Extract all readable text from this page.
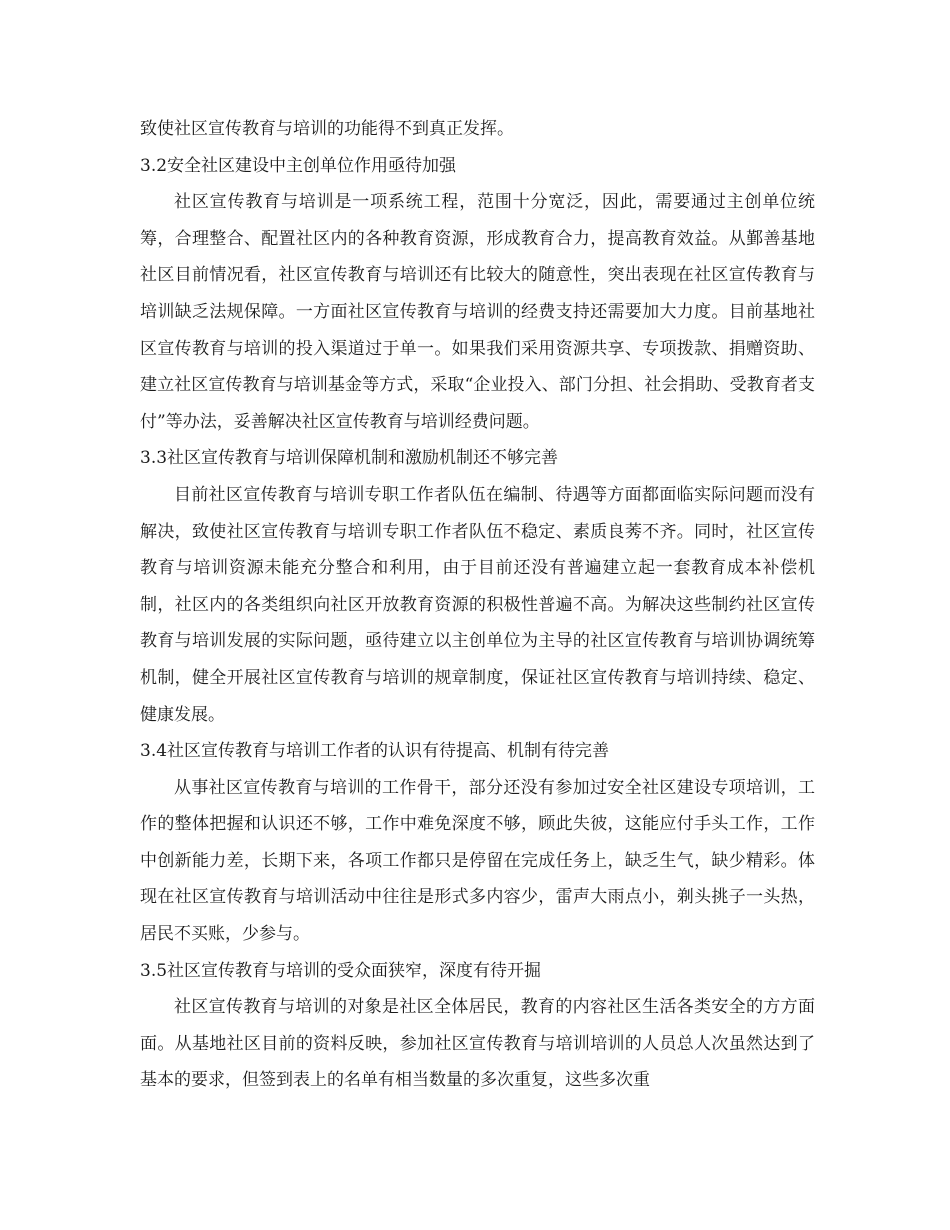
致使社区宣传教育与培训的功能得不到真正发挥。

3.2安全社区建设中主创单位作用亟待加强

社区宣传教育与培训是一项系统工程，范围十分宽泛，因此，需要通过主创单位统筹，合理整合、配置社区内的各种教育资源，形成教育合力，提高教育效益。从鄞善基地社区目前情况看，社区宣传教育与培训还有比较大的随意性，突出表现在社区宣传教育与培训缺乏法规保障。一方面社区宣传教育与培训的经费支持还需要加大力度。目前基地社区宣传教育与培训的投入渠道过于单一。如果我们采用资源共享、专项拨款、捐赠资助、建立社区宣传教育与培训基金等方式，采取“企业投入、部门分担、社会捐助、受教育者支付”等办法，妥善解决社区宣传教育与培训经费问题。

3.3社区宣传教育与培训保障机制和激励机制还不够完善

目前社区宣传教育与培训专职工作者队伍在编制、待遇等方面都面临实际问题而没有解决，致使社区宣传教育与培训专职工作者队伍不稳定、素质良莠不齐。同时，社区宣传教育与培训资源未能充分整合和利用，由于目前还没有普遍建立起一套教育成本补偿机制，社区内的各类组织向社区开放教育资源的积极性普遍不高。为解决这些制约社区宣传教育与培训发展的实际问题，亟待建立以主创单位为主导的社区宣传教育与培训协调统筹机制，健全开展社区宣传教育与培训的规章制度，保证社区宣传教育与培训持续、稳定、健康发展。

3.4社区宣传教育与培训工作者的认识有待提高、机制有待完善

从事社区宣传教育与培训的工作骨干，部分还没有参加过安全社区建设专项培训，工作的整体把握和认识还不够，工作中难免深度不够，顾此失彼，这能应付手头工作，工作中创新能力差，长期下来，各项工作都只是停留在完成任务上，缺乏生气，缺少精彩。体现在社区宣传教育与培训活动中往往是形式多内容少，雷声大雨点小，剃头挑子一头热，居民不买账，少参与。

3.5社区宣传教育与培训的受众面狭窄，深度有待开掘

社区宣传教育与培训的对象是社区全体居民，教育的内容社区生活各类安全的方方面面。从基地社区目前的资料反映，参加社区宣传教育与培训培训的人员总人次虽然达到了基本的要求，但签到表上的名单有相当数量的多次重复，这些多次重
